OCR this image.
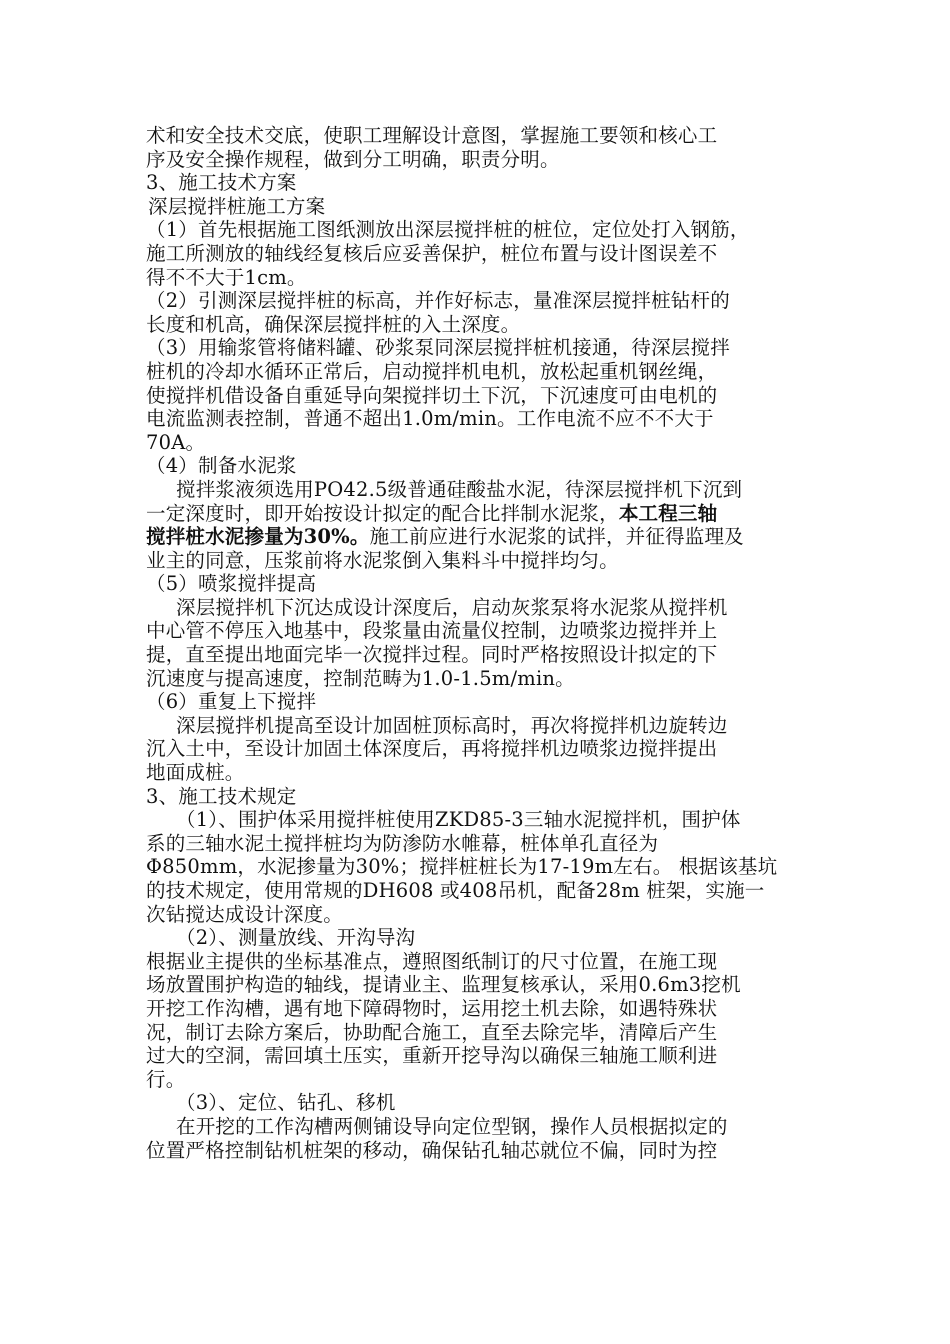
术和安全技术交底，使职工理解设计意图，掌握施工要领和核心工
序及安全操作规程，做到分工明确，职责分明。
3、施工技术方案
深层搅拌桩施工方案
（1）首先根据施工图纸测放出深层搅拌桩的桩位，定位处打入钢筋，
施工所测放的轴线经复核后应妥善保护，桩位布置与设计图误差不
得不不大于1cm。
（2）引测深层搅拌桩的标高，并作好标志，量准深层搅拌桩钻杆的
长度和机高，确保深层搅拌桩的入土深度。
（3）用输浆管将储料罐、砂浆泵同深层搅拌桩机接通，待深层搅拌
桩机的冷却水循环正常后，启动搅拌机电机，放松起重机钢丝绳，
使搅拌机借设备自重延导向架搅拌切土下沉，下沉速度可由电机的
电流监测表控制，普通不超出1.0m/min。工作电流不应不不大于
70A。
（4）制备水泥浆
搅拌浆液须选用PO42.5级普通硅酸盐水泥，待深层搅拌机下沉到
一定深度时，即开始按设计拟定的配合比拌制水泥浆，本工程三轴
搅拌桩水泥掺量为30%。施工前应进行水泥浆的试拌，并征得监理及
业主的同意，压浆前将水泥浆倒入集料斗中搅拌均匀。
（5）喷浆搅拌提高
深层搅拌机下沉达成设计深度后，启动灰浆泵将水泥浆从搅拌机
中心管不停压入地基中，段浆量由流量仪控制，边喷浆边搅拌并上
提，直至提出地面完毕一次搅拌过程。同时严格按照设计拟定的下
沉速度与提高速度，控制范畴为1.0-1.5m/min。
（6）重复上下搅拌
深层搅拌机提高至设计加固桩顶标高时，再次将搅拌机边旋转边
沉入土中，至设计加固土体深度后，再将搅拌机边喷浆边搅拌提出
地面成桩。
3、施工技术规定
（1）、围护体采用搅拌桩使用ZKD85-3三轴水泥搅拌机，围护体
系的三轴水泥土搅拌桩均为防渗防水帷幕，桩体单孔直径为
Φ850mm，水泥掺量为30%；搅拌桩桩长为17-19m左右。 根据该基坑
的技术规定，使用常规的DH608 或408吊机，配备28m 桩架，实施一
次钻搅达成设计深度。
（2）、测量放线、开沟导沟
根据业主提供的坐标基准点，遵照图纸制订的尺寸位置，在施工现
场放置围护构造的轴线，提请业主、监理复核承认，采用0.6m3挖机
开挖工作沟槽，遇有地下障碍物时，运用挖土机去除，如遇特殊状
况，制订去除方案后，协助配合施工，直至去除完毕，清障后产生
过大的空洞，需回填土压实，重新开挖导沟以确保三轴施工顺利进
行。
（3）、定位、钻孔、移机
在开挖的工作沟槽两侧铺设导向定位型钢，操作人员根据拟定的
位置严格控制钻机桩架的移动，确保钻孔轴芯就位不偏，同时为控
